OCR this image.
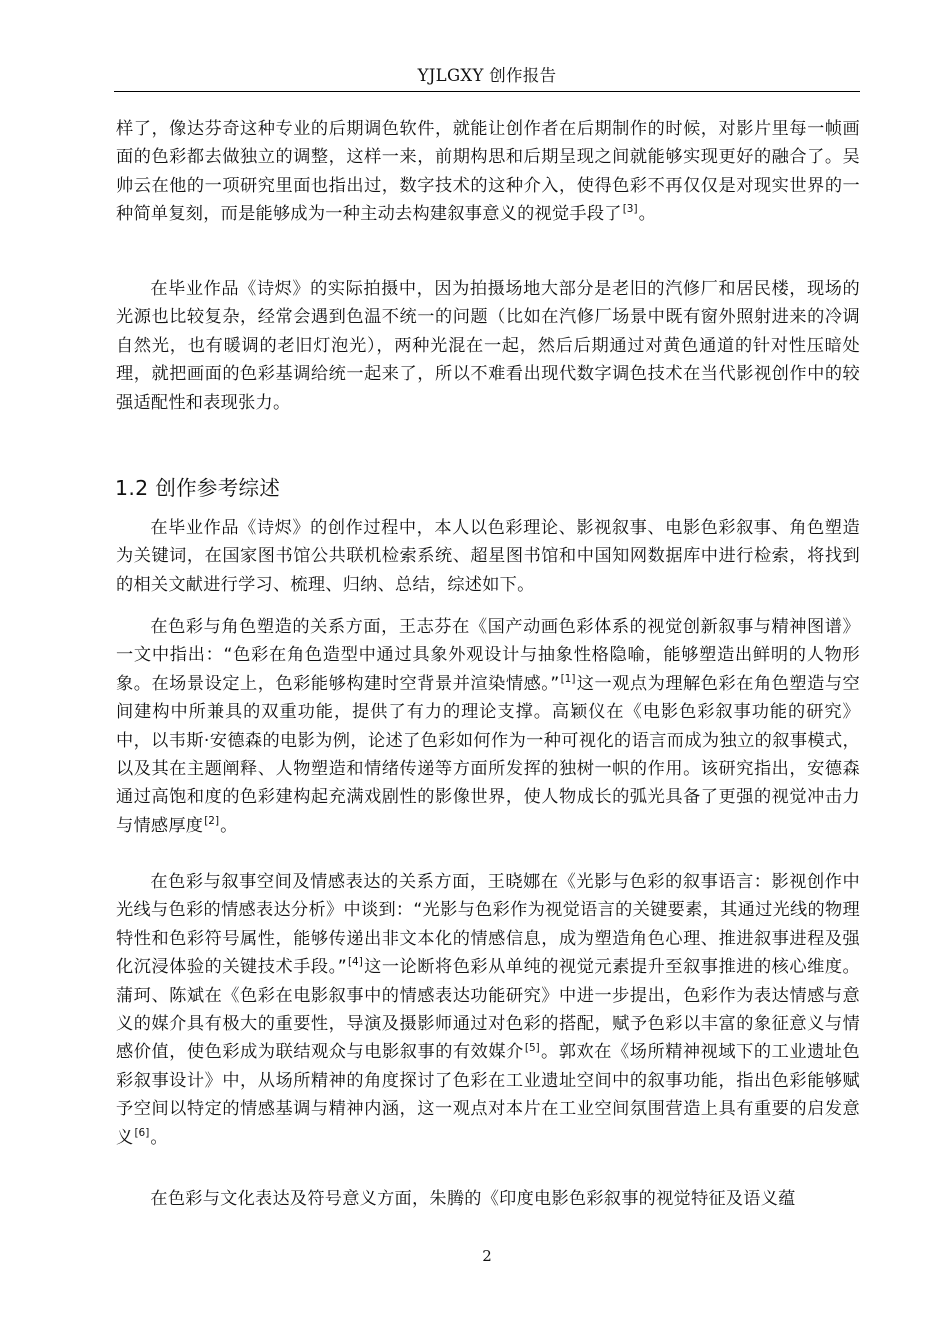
YJLGXY 创作报告

样了，像达芬奇这种专业的后期调色软件，就能让创作者在后期制作的时候，对影片里每一帧画面的色彩都去做独立的调整，这样一来，前期构思和后期呈现之间就能够实现更好的融合了。吴帅云在他的一项研究里面也指出过，数字技术的这种介入，使得色彩不再仅仅是对现实世界的一种简单复刻，而是能够成为一种主动去构建叙事意义的视觉手段了[3]。

在毕业作品《诗烬》的实际拍摄中，因为拍摄场地大部分是老旧的汽修厂和居民楼，现场的光源也比较复杂，经常会遇到色温不统一的问题（比如在汽修厂场景中既有窗外照射进来的冷调自然光，也有暖调的老旧灯泡光），两种光混在一起，然后后期通过对黄色通道的针对性压暗处理，就把画面的色彩基调给统一起来了，所以不难看出现代数字调色技术在当代影视创作中的较强适配性和表现张力。

1.2 创作参考综述

在毕业作品《诗烬》的创作过程中，本人以色彩理论、影视叙事、电影色彩叙事、角色塑造为关键词，在国家图书馆公共联机检索系统、超星图书馆和中国知网数据库中进行检索，将找到的相关文献进行学习、梳理、归纳、总结，综述如下。

在色彩与角色塑造的关系方面，王志芬在《国产动画色彩体系的视觉创新叙事与精神图谱》一文中指出：“色彩在角色造型中通过具象外观设计与抽象性格隐喻，能够塑造出鲜明的人物形象。在场景设定上，色彩能够构建时空背景并渲染情感。”[1]这一观点为理解色彩在角色塑造与空间建构中所兼具的双重功能，提供了有力的理论支撑。高颖仪在《电影色彩叙事功能的研究》中，以韦斯·安德森的电影为例，论述了色彩如何作为一种可视化的语言而成为独立的叙事模式，以及其在主题阐释、人物塑造和情绪传递等方面所发挥的独树一帜的作用。该研究指出，安德森通过高饱和度的色彩建构起充满戏剧性的影像世界，使人物成长的弧光具备了更强的视觉冲击力与情感厚度[2]。

在色彩与叙事空间及情感表达的关系方面，王晓娜在《光影与色彩的叙事语言：影视创作中光线与色彩的情感表达分析》中谈到：“光影与色彩作为视觉语言的关键要素，其通过光线的物理特性和色彩符号属性，能够传递出非文本化的情感信息，成为塑造角色心理、推进叙事进程及强化沉浸体验的关键技术手段。”[4]这一论断将色彩从单纯的视觉元素提升至叙事推进的核心维度。蒲珂、陈斌在《色彩在电影叙事中的情感表达功能研究》中进一步提出，色彩作为表达情感与意义的媒介具有极大的重要性，导演及摄影师通过对色彩的搭配，赋予色彩以丰富的象征意义与情感价值，使色彩成为联结观众与电影叙事的有效媒介[5]。郭欢在《场所精神视域下的工业遗址色彩叙事设计》中，从场所精神的角度探讨了色彩在工业遗址空间中的叙事功能，指出色彩能够赋予空间以特定的情感基调与精神内涵，这一观点对本片在工业空间氛围营造上具有重要的启发意义[6]。

在色彩与文化表达及符号意义方面，朱腾的《印度电影色彩叙事的视觉特征及语义蕴

2
